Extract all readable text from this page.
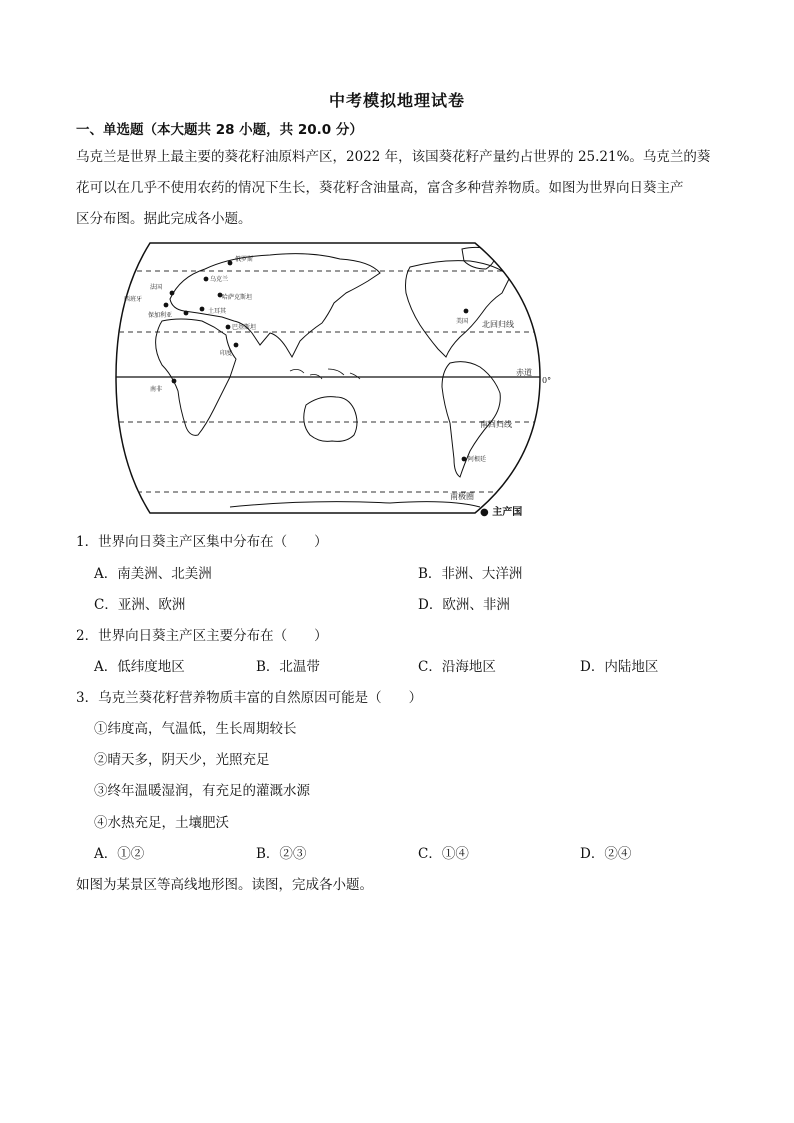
中考模拟地理试卷
一、单选题（本大题共 28 小题，共 20.0 分）

乌克兰是世界上最主要的葵花籽油原料产区，2022 年，该国葵花籽产量约占世界的 25.21%。乌克兰的葵

花可以在几乎不使用农药的情况下生长，葵花籽含油量高，富含多种营养物质。如图为世界向日葵主产

区分布图。据此完成各小题。

法国
乌克兰
俄罗斯
西班牙
土耳其
哈萨克斯坦
保加利亚
巴基斯坦
印度
南非
美国
阿根廷
北回归线
赤道
0°
南回归线
南极圈
● 主产国
1．世界向日葵主产区集中分布在（　　）
A．南美洲、北美洲	B．非洲、大洋洲
C．亚洲、欧洲	D．欧洲、非洲
2．世界向日葵主产区主要分布在（　　）
A．低纬度地区	B．北温带	C．沿海地区	D．内陆地区
3．乌克兰葵花籽营养物质丰富的自然原因可能是（　　）
①纬度高，气温低，生长周期较长
②晴天多，阴天少，光照充足
③终年温暖湿润，有充足的灌溉水源
④水热充足，土壤肥沃
A．①②	B．②③	C．①④	D．②④
如图为某景区等高线地形图。读图，完成各小题。
